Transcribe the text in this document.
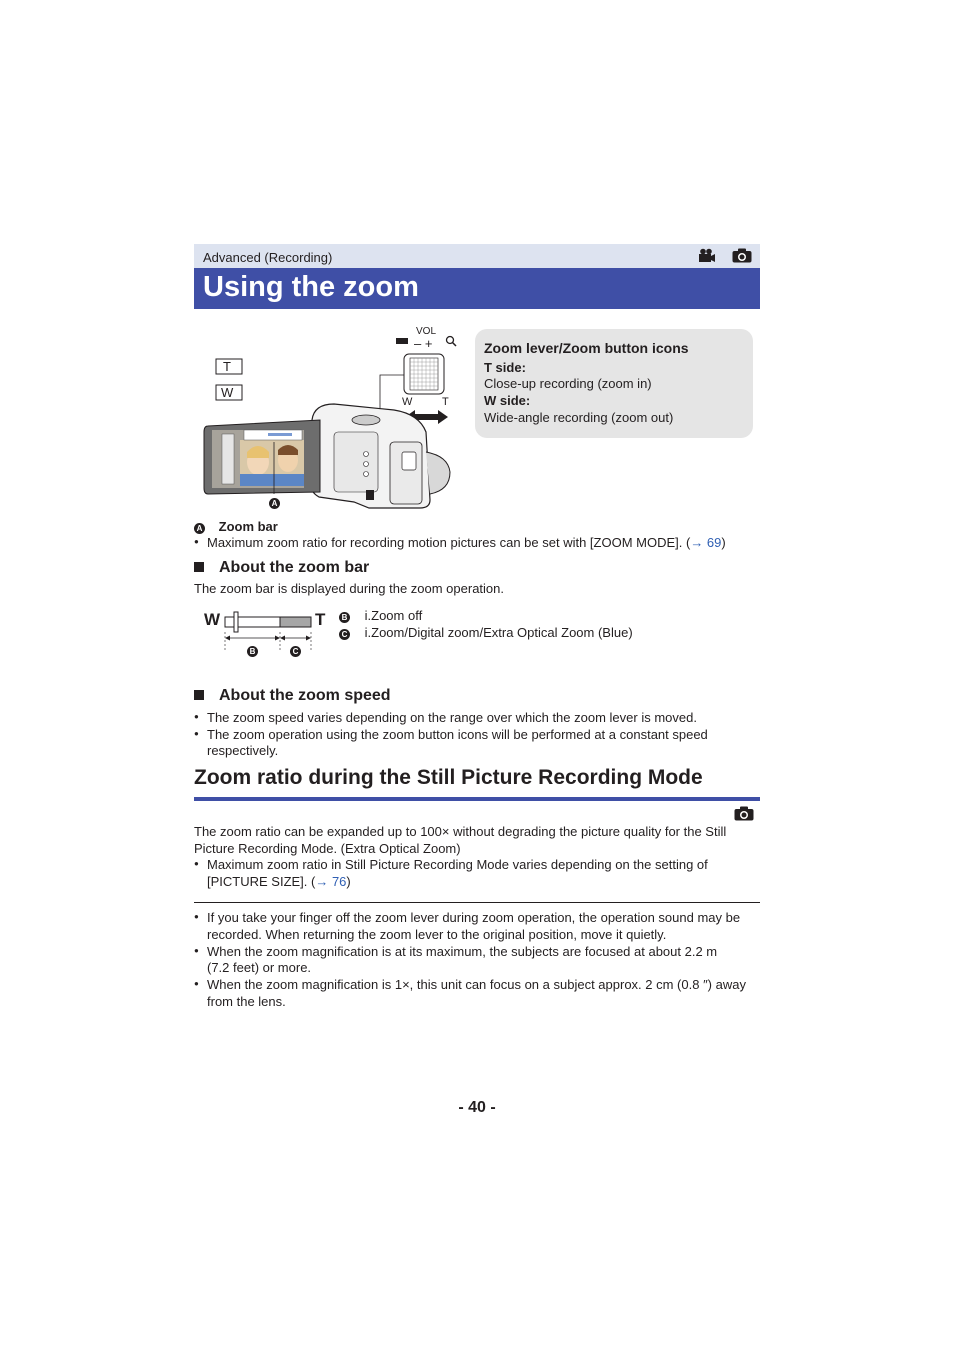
Advanced (Recording)
Using the zoom
T
W
VOL
– +
W	T
A
Zoom lever/Zoom button icons
T side:
Close-up recording (zoom in)
W side:
Wide-angle recording (zoom out)
A Zoom bar
● Maximum zoom ratio for recording motion pictures can be set with [ZOOM MODE]. (→ 69)
About the zoom bar
The zoom bar is displayed during the zoom operation.
W	T
B	C
B i.Zoom off
C i.Zoom/Digital zoom/Extra Optical Zoom (Blue)
About the zoom speed
● The zoom speed varies depending on the range over which the zoom lever is moved.
● The zoom operation using the zoom button icons will be performed at a constant speed
respectively.
Zoom ratio during the Still Picture Recording Mode
The zoom ratio can be expanded up to 100× without degrading the picture quality for the Still
Picture Recording Mode. (Extra Optical Zoom)
● Maximum zoom ratio in Still Picture Recording Mode varies depending on the setting of
[PICTURE SIZE]. (→ 76)
● If you take your finger off the zoom lever during zoom operation, the operation sound may be
recorded. When returning the zoom lever to the original position, move it quietly.
● When the zoom magnification is at its maximum, the subjects are focused at about 2.2 m
(7.2 feet) or more.
● When the zoom magnification is 1×, this unit can focus on a subject approx. 2 cm (0.8 ″) away
from the lens.
- 40 -
